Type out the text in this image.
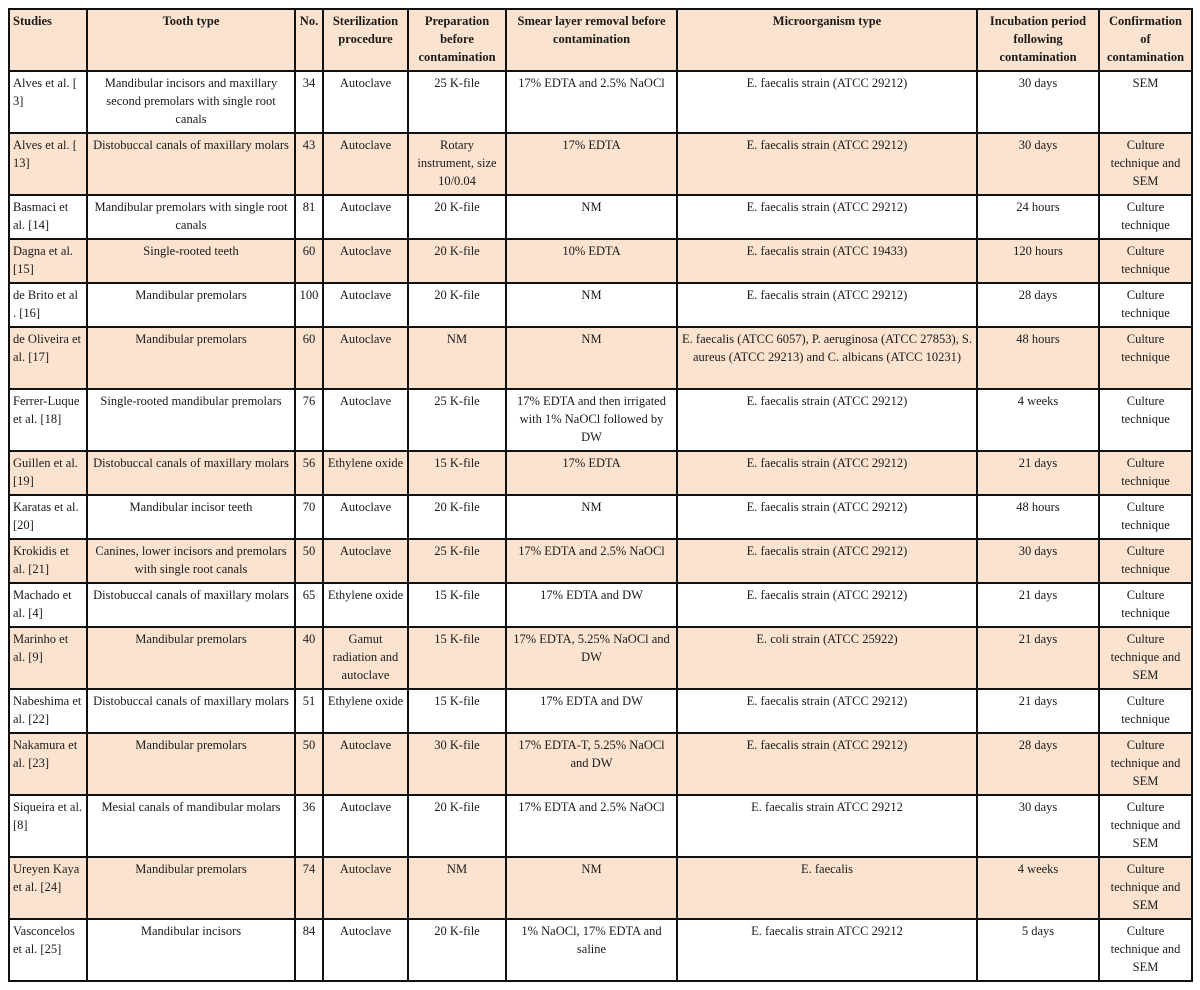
Studies	Tooth type	No.	Sterilization procedure	Preparation before contamination	Smear layer removal before contamination	Microorganism type	Incubation period following contamination	Confirmation of contamination
Alves et al. [ 3]	Mandibular incisors and maxillary second premolars with single root canals	34	Autoclave	25 K-file	17% EDTA and 2.5% NaOCl	E. faecalis strain (ATCC 29212)	30 days	SEM
Alves et al. [ 13]	Distobuccal canals of maxillary molars	43	Autoclave	Rotary instrument, size 10/0.04	17% EDTA	E. faecalis strain (ATCC 29212)	30 days	Culture technique and SEM
Basmaci et al. [14]	Mandibular premolars with single root canals	81	Autoclave	20 K-file	NM	E. faecalis strain (ATCC 29212)	24 hours	Culture technique
Dagna et al. [15]	Single-rooted teeth	60	Autoclave	20 K-file	10% EDTA	E. faecalis strain (ATCC 19433)	120 hours	Culture technique
de Brito et al . [16]	Mandibular premolars	100	Autoclave	20 K-file	NM	E. faecalis strain (ATCC 29212)	28 days	Culture technique
de Oliveira et al. [17]	Mandibular premolars	60	Autoclave	NM	NM	E. faecalis (ATCC 6057), P. aeruginosa (ATCC 27853), S. aureus (ATCC 29213) and C. albicans (ATCC 10231)	48 hours	Culture technique
Ferrer-Luque et al. [18]	Single-rooted mandibular premolars	76	Autoclave	25 K-file	17% EDTA and then irrigated with 1% NaOCl followed by DW	E. faecalis strain (ATCC 29212)	4 weeks	Culture technique
Guillen et al. [19]	Distobuccal canals of maxillary molars	56	Ethylene oxide	15 K-file	17% EDTA	E. faecalis strain (ATCC 29212)	21 days	Culture technique
Karatas et al. [20]	Mandibular incisor teeth	70	Autoclave	20 K-file	NM	E. faecalis strain (ATCC 29212)	48 hours	Culture technique
Krokidis et al. [21]	Canines, lower incisors and premolars with single root canals	50	Autoclave	25 K-file	17% EDTA and 2.5% NaOCl	E. faecalis strain (ATCC 29212)	30 days	Culture technique
Machado et al. [4]	Distobuccal canals of maxillary molars	65	Ethylene oxide	15 K-file	17% EDTA and DW	E. faecalis strain (ATCC 29212)	21 days	Culture technique
Marinho et al. [9]	Mandibular premolars	40	Gamut radiation and autoclave	15 K-file	17% EDTA, 5.25% NaOCl and DW	E. coli strain (ATCC 25922)	21 days	Culture technique and SEM
Nabeshima et al. [22]	Distobuccal canals of maxillary molars	51	Ethylene oxide	15 K-file	17% EDTA and DW	E. faecalis strain (ATCC 29212)	21 days	Culture technique
Nakamura et al. [23]	Mandibular premolars	50	Autoclave	30 K-file	17% EDTA-T, 5.25% NaOCl and DW	E. faecalis strain (ATCC 29212)	28 days	Culture technique and SEM
Siqueira et al. [8]	Mesial canals of mandibular molars	36	Autoclave	20 K-file	17% EDTA and 2.5% NaOCl	E. faecalis strain ATCC 29212	30 days	Culture technique and SEM
Ureyen Kaya et al. [24]	Mandibular premolars	74	Autoclave	NM	NM	E. faecalis	4 weeks	Culture technique and SEM
Vasconcelos et al. [25]	Mandibular incisors	84	Autoclave	20 K-file	1% NaOCl, 17% EDTA and saline	E. faecalis strain ATCC 29212	5 days	Culture technique and SEM
